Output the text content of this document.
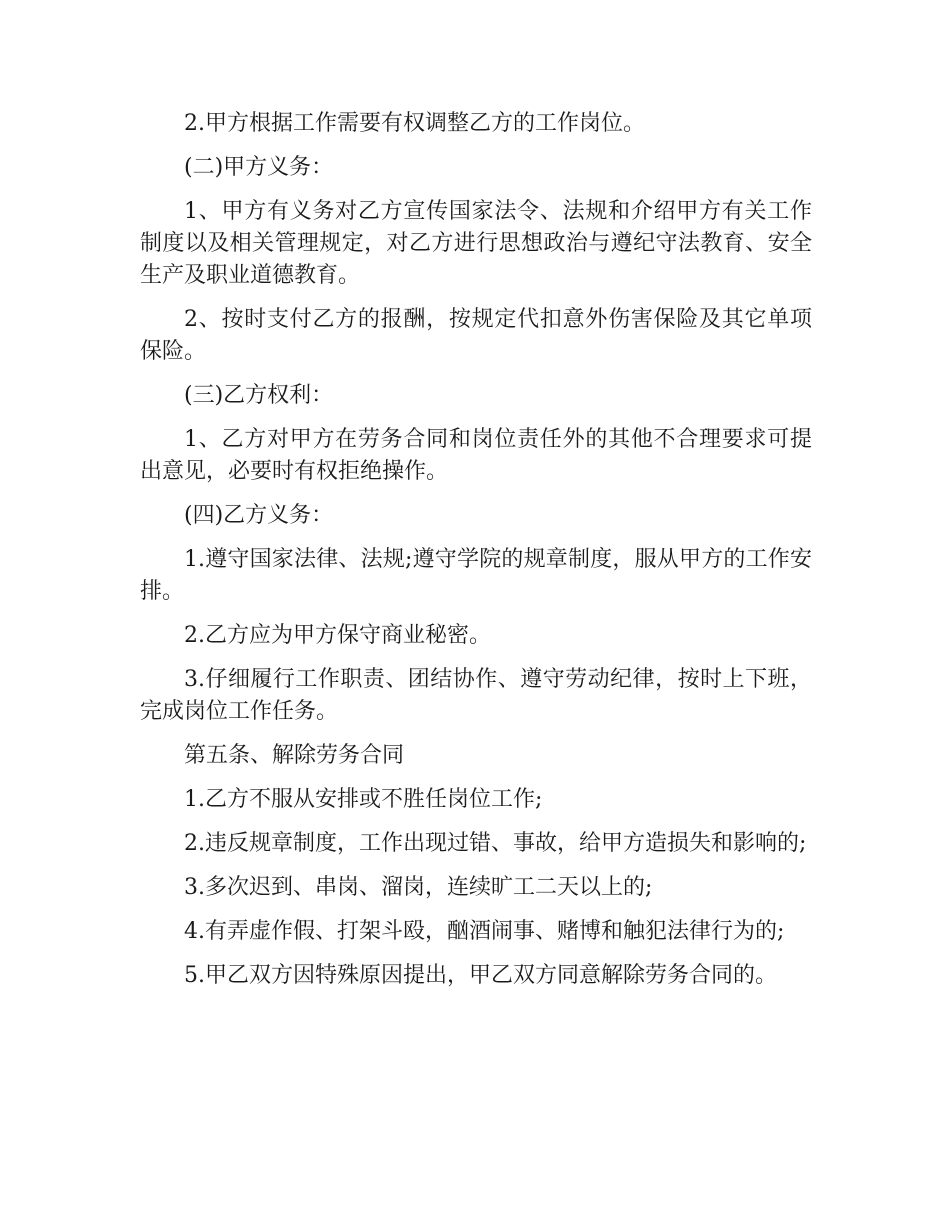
2.甲方根据工作需要有权调整乙方的工作岗位。

(二)甲方义务：

1、甲方有义务对乙方宣传国家法令、法规和介绍甲方有关工作制度以及相关管理规定，对乙方进行思想政治与遵纪守法教育、安全生产及职业道德教育。

2、按时支付乙方的报酬，按规定代扣意外伤害保险及其它单项保险。

(三)乙方权利：

1、乙方对甲方在劳务合同和岗位责任外的其他不合理要求可提出意见，必要时有权拒绝操作。

(四)乙方义务：

1.遵守国家法律、法规;遵守学院的规章制度，服从甲方的工作安排。

2.乙方应为甲方保守商业秘密。

3.仔细履行工作职责、团结协作、遵守劳动纪律，按时上下班，完成岗位工作任务。

第五条、解除劳务合同

1.乙方不服从安排或不胜任岗位工作;

2.违反规章制度，工作出现过错、事故，给甲方造损失和影响的;

3.多次迟到、串岗、溜岗，连续旷工二天以上的;

4.有弄虚作假、打架斗殴，酗酒闹事、赌博和触犯法律行为的;

5.甲乙双方因特殊原因提出，甲乙双方同意解除劳务合同的。
